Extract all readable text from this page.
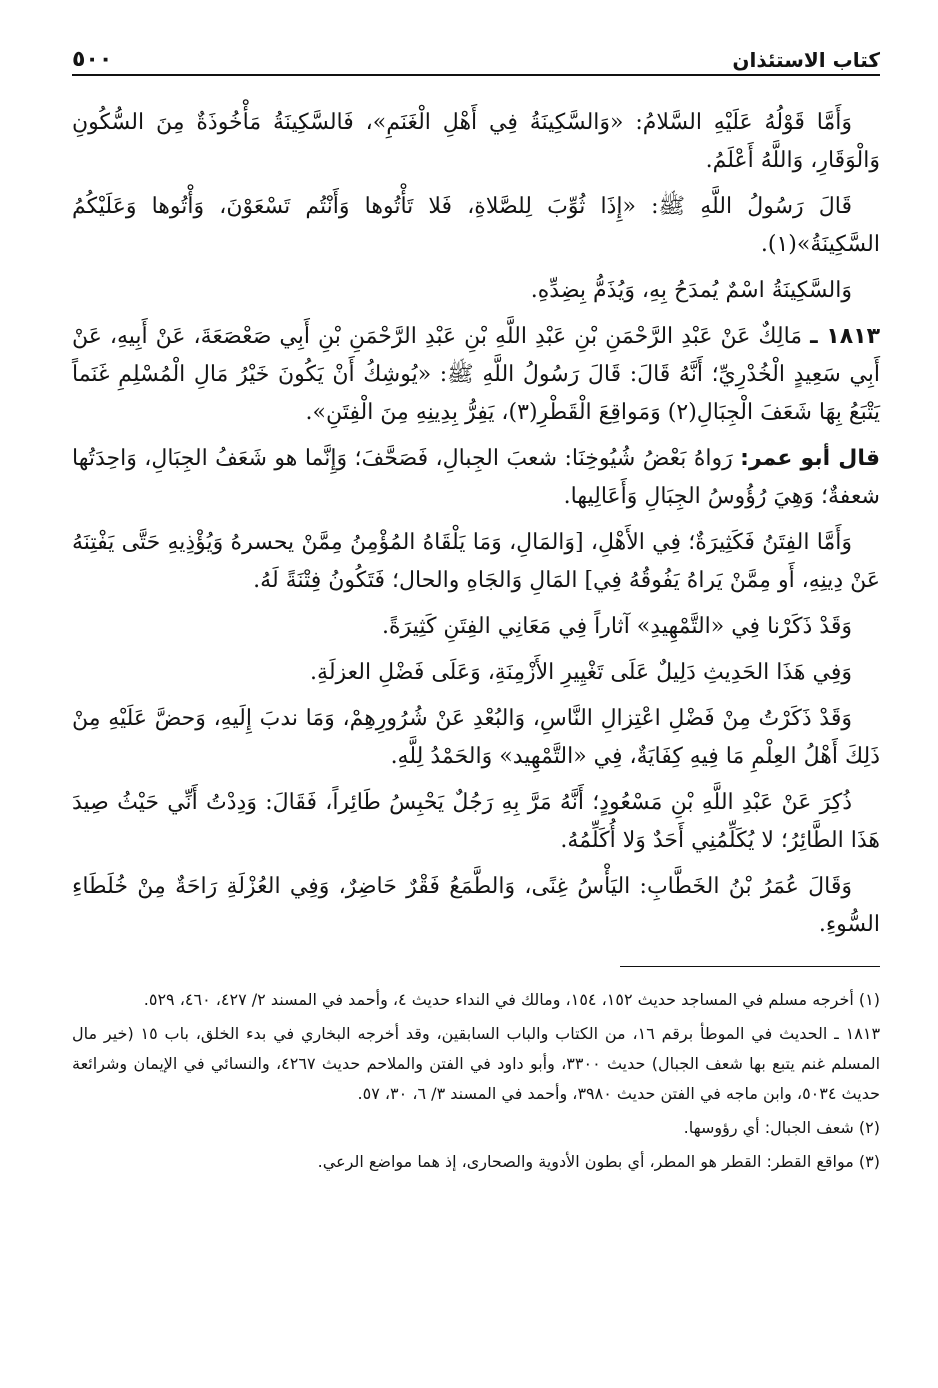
كتاب الاستئذان
٥٠٠

وَأَمَّا قَوْلُهُ عَلَيْهِ السَّلامُ: «وَالسَّكِينَةُ فِي أَهْلِ الْغَنَمِ»، فَالسَّكِينَةُ مَأْخُوذَةٌ مِنَ السُّكُونِ وَالْوَقَارِ، وَاللَّهُ أَعْلَمُ.

قَالَ رَسُولُ اللَّهِ ﷺ: «إِذَا ثُوِّبَ لِلصَّلاةِ، فَلا تَأْتُوها وَأَنْتُم تَسْعَوْنَ، وَأْتُوها وَعَلَيْكُمُ السَّكِينَةُ»(١).

وَالسَّكِينَةُ اسْمٌ يُمدَحُ بِهِ، وَيُذَمُّ بِضِدِّهِ.

١٨١٣ ـ مَالِكٌ عَنْ عَبْدِ الرَّحْمَنِ بْنِ عَبْدِ اللَّهِ بْنِ عَبْدِ الرَّحْمَنِ بْنِ أَبِي صَعْصَعَةَ، عَنْ أَبِيهِ، عَنْ أَبِي سَعِيدٍ الْخُدْرِيِّ؛ أَنَّهُ قَالَ: قَالَ رَسُولُ اللَّهِ ﷺ: «يُوشِكُ أَنْ يَكُونَ خَيْرُ مَالِ الْمُسْلِمِ غَنَماً يَتْبَعُ بِهَا شَعَفَ الْجِبَالِ(٢) وَمَواقِعَ الْقَطْرِ(٣)، يَفِرُّ بِدِينِهِ مِنَ الْفِتَنِ».

قال أبو عمر: رَواهُ بَعْضُ شُيُوخِنَا: شعبَ الجِبالِ، فَصَحَّفَ؛ وَإِنَّما هو شَعَفُ الجِبَالِ، وَاحِدَتُها شعفةٌ؛ وَهِيَ رُؤُوسُ الجِبَالِ وَأَعَالِيها.

وَأَمَّا الفِتَنُ فَكَثِيرَةٌ؛ فِي الأَهْلِ، [وَالمَالِ، وَمَا يَلْقَاهُ المُؤْمِنُ مِمَّنْ يحسرهُ وَيُؤْذِيهِ حَتَّى يَفْتِنَهُ عَنْ دِينِهِ، أَو مِمَّنْ يَراهُ يَفُوقُهُ فِي] المَالِ وَالجَاهِ والحال؛ فَتَكُونُ فِتْنَةً لَهُ.

وَقَدْ ذَكَرْنا فِي «التَّمْهِيدِ» آثاراً فِي مَعَانِي الفِتَنِ كَثِيرَةً.

وَفِي هَذَا الحَدِيثِ دَلِيلٌ عَلَى تَغْيِيرِ الأَزْمِنَةِ، وَعَلَى فَضْلِ العزلَةِ.

وَقَدْ ذَكَرْتُ مِنْ فَضْلِ اعْتِزالِ النَّاسِ، وَالبُعْدِ عَنْ شُرُورِهِمْ، وَمَا ندبَ إِلَيهِ، وَحضَّ عَلَيْهِ مِنْ ذَلِكَ أَهْلُ العِلْمِ مَا فِيهِ كِفَايَةٌ، فِي «التَّمْهِيد» وَالحَمْدُ لِلَّهِ.

ذُكِرَ عَنْ عَبْدِ اللَّهِ بْنِ مَسْعُودٍ؛ أَنَّهُ مَرَّ بِهِ رَجُلٌ يَحْبِسُ طَائِراً، فَقَالَ: وَدِدْتُ أَنِّي حَيْثُ صِيدَ هَذَا الطَّائِرُ؛ لا يُكَلِّمُنِي أَحَدٌ وَلا أُكَلِّمُهُ.

وَقَالَ عُمَرُ بْنُ الخَطَّابِ: اليَأْسُ غِنًى، وَالطَّمَعُ فَقْرٌ حَاضِرٌ، وَفِي العُزْلَةِ رَاحَةٌ مِنْ خُلَطَاءِ السُّوءِ.

(١) أخرجه مسلم في المساجد حديث ١٥٢، ١٥٤، ومالك في النداء حديث ٤، وأحمد في المسند ٢/ ٤٢٧، ٤٦٠، ٥٢٩.

١٨١٣ ـ الحديث في الموطأ برقم ١٦، من الكتاب والباب السابقين، وقد أخرجه البخاري في بدء الخلق، باب ١٥ (خير مال المسلم غنم يتبع بها شعف الجبال) حديث ٣٣٠٠، وأبو داود في الفتن والملاحم حديث ٤٢٦٧، والنسائي في الإيمان وشرائعة حديث ٥٠٣٤، وابن ماجه في الفتن حديث ٣٩٨٠، وأحمد في المسند ٣/ ٦، ٣٠، ٥٧.

(٢) شعف الجبال: أي رؤوسها.

(٣) مواقع القطر: القطر هو المطر، أي بطون الأدوية والصحارى، إذ هما مواضع الرعي.
